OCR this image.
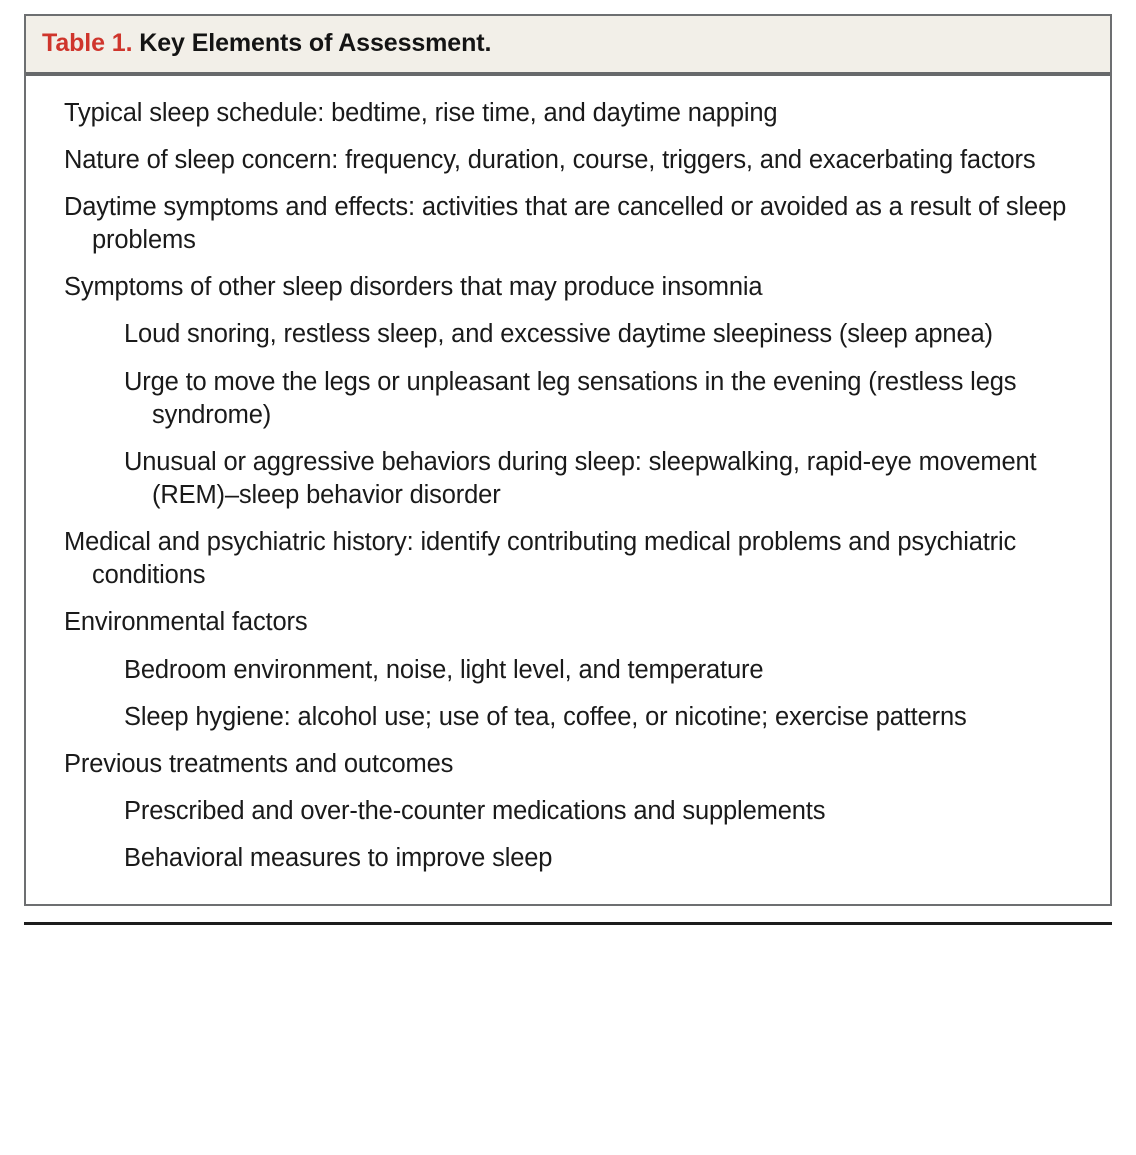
Table 1. Key Elements of Assessment.
Typical sleep schedule: bedtime, rise time, and daytime napping
Nature of sleep concern: frequency, duration, course, triggers, and exacerbating factors
Daytime symptoms and effects: activities that are cancelled or avoided as a result of sleep problems
Symptoms of other sleep disorders that may produce insomnia
Loud snoring, restless sleep, and excessive daytime sleepiness (sleep apnea)
Urge to move the legs or unpleasant leg sensations in the evening (restless legs syndrome)
Unusual or aggressive behaviors during sleep: sleepwalking, rapid-eye movement (REM)–sleep behavior disorder
Medical and psychiatric history: identify contributing medical problems and psychiatric conditions
Environmental factors
Bedroom environment, noise, light level, and temperature
Sleep hygiene: alcohol use; use of tea, coffee, or nicotine; exercise patterns
Previous treatments and outcomes
Prescribed and over-the-counter medications and supplements
Behavioral measures to improve sleep
